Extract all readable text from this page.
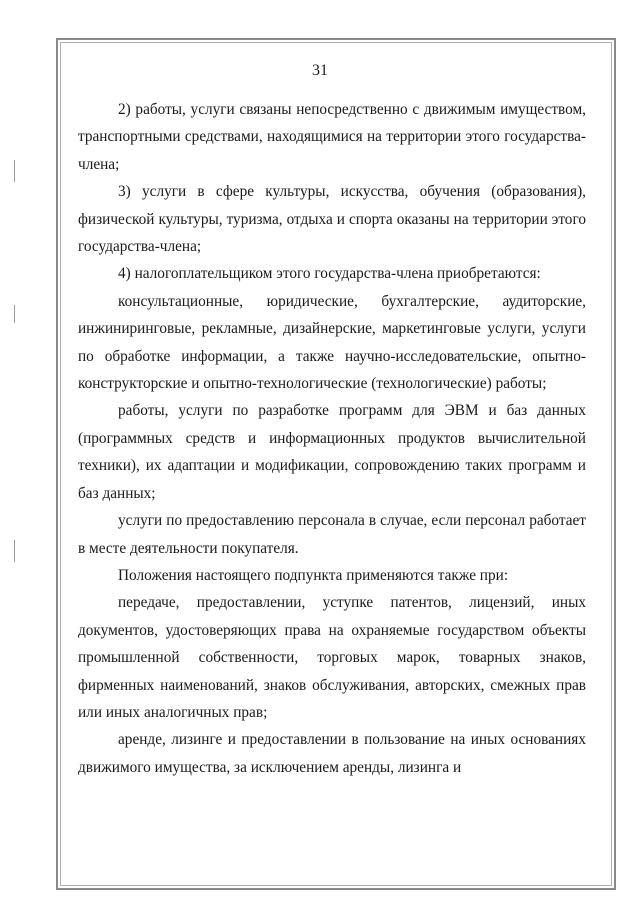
31

2) работы, услуги связаны непосредственно с движимым имуществом, транспортными средствами, находящимися на территории этого государства-члена;

3) услуги в сфере культуры, искусства, обучения (образования), физической культуры, туризма, отдыха и спорта оказаны на территории этого государства-члена;

4) налогоплательщиком этого государства-члена приобретаются:

консультационные, юридические, бухгалтерские, аудиторские, инжиниринговые, рекламные, дизайнерские, маркетинговые услуги, услуги по обработке информации, а также научно-исследовательские, опытно-конструкторские и опытно-технологические (технологические) работы;

работы, услуги по разработке программ для ЭВМ и баз данных (программных средств и информационных продуктов вычислительной техники), их адаптации и модификации, сопровождению таких программ и баз данных;

услуги по предоставлению персонала в случае, если персонал работает в месте деятельности покупателя.

Положения настоящего подпункта применяются также при:

передаче, предоставлении, уступке патентов, лицензий, иных документов, удостоверяющих права на охраняемые государством объекты промышленной собственности, торговых марок, товарных знаков, фирменных наименований, знаков обслуживания, авторских, смежных прав или иных аналогичных прав;

аренде, лизинге и предоставлении в пользование на иных основаниях движимого имущества, за исключением аренды, лизинга и
